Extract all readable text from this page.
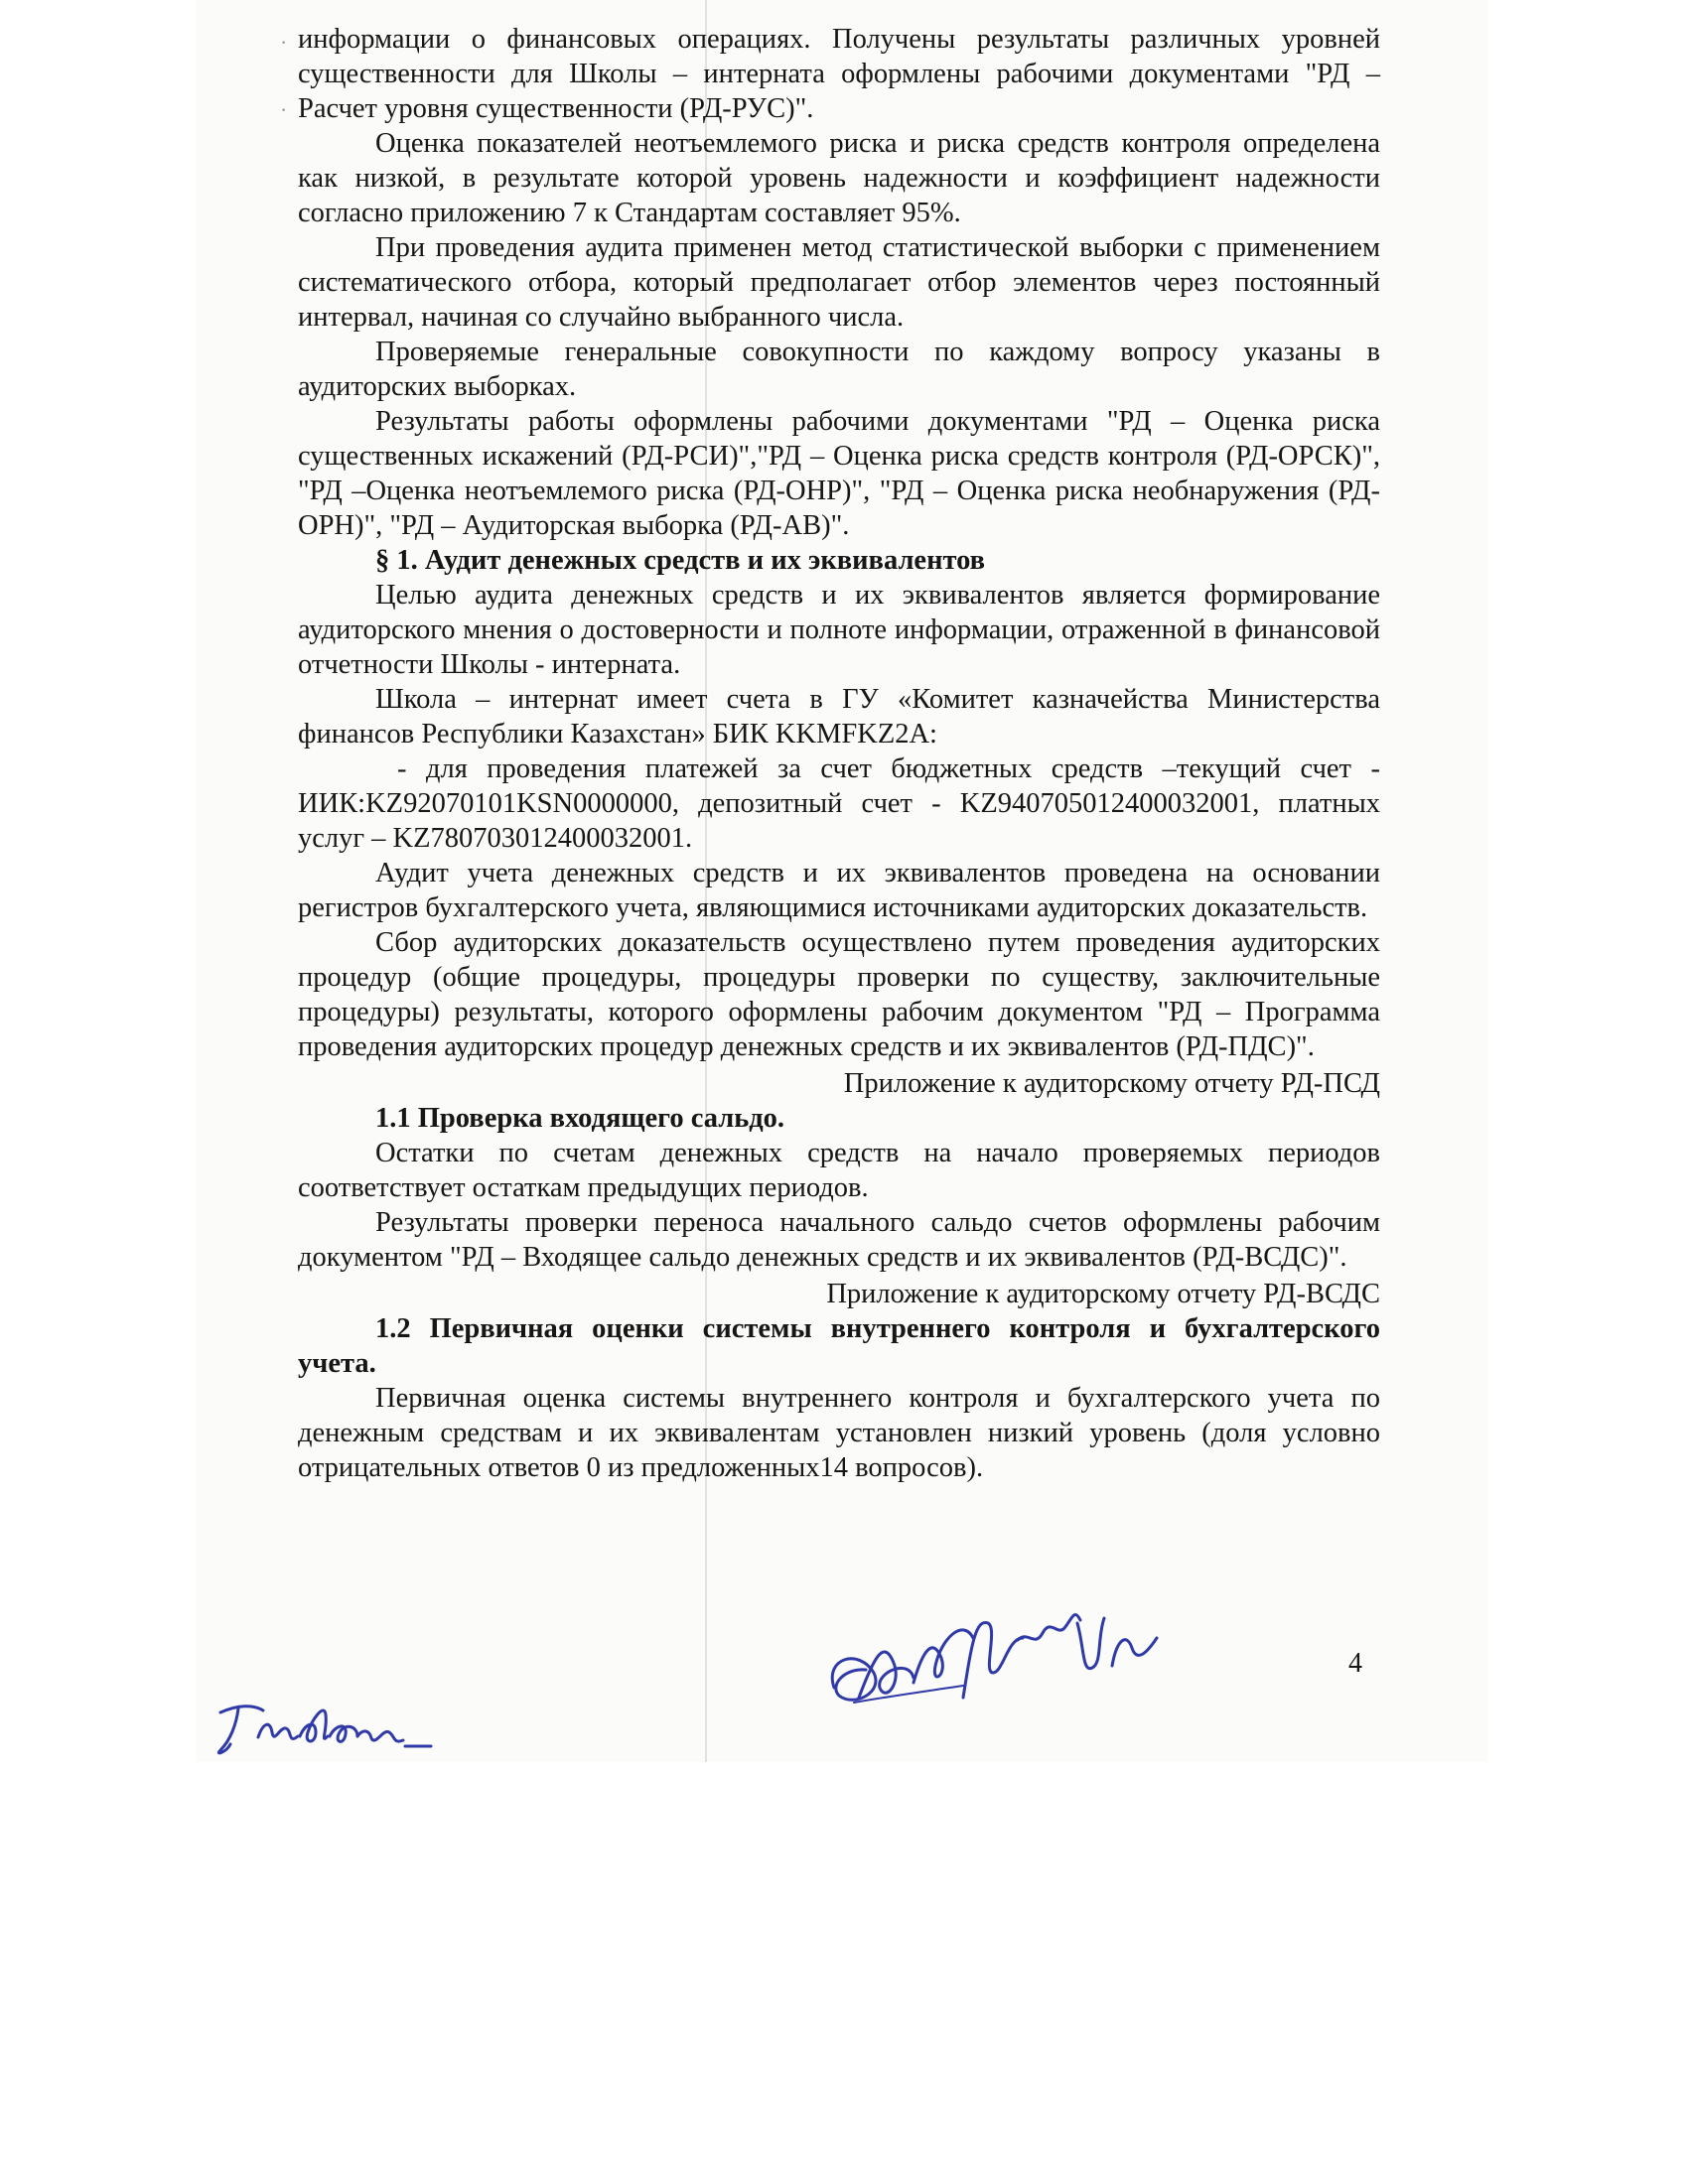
·
·

информации о финансовых операциях. Получены результаты различных уровней существенности для Школы – интерната оформлены рабочими документами "РД – Расчет уровня существенности (РД-РУС)".

Оценка показателей неотъемлемого риска и риска средств контроля определена как низкой, в результате которой уровень надежности и коэффициент надежности согласно приложению 7 к Стандартам составляет 95%.

При проведения аудита применен метод статистической выборки с применением систематического отбора, который предполагает отбор элементов через постоянный интервал, начиная со случайно выбранного числа.

Проверяемые генеральные совокупности по каждому вопросу указаны в аудиторских выборках.

Результаты работы оформлены рабочими документами "РД – Оценка риска существенных искажений (РД-РСИ)","РД – Оценка риска средств контроля (РД-ОРСК)", "РД –Оценка неотъемлемого риска (РД-ОНР)", "РД – Оценка риска необнаружения (РД-ОРН)", "РД – Аудиторская выборка (РД-АВ)".

§ 1. Аудит денежных средств и их эквивалентов

Целью аудита денежных средств и их эквивалентов является формирование аудиторского мнения о достоверности и полноте информации, отраженной в финансовой отчетности Школы - интерната.

Школа – интернат имеет счета в ГУ «Комитет казначейства Министерства финансов Республики Казахстан» БИК KKMFKZ2A:

- для проведения платежей за счет бюджетных средств –текущий счет - ИИК:KZ92070101KSN0000000, депозитный счет - KZ940705012400032001, платных услуг – KZ780703012400032001.

Аудит учета денежных средств и их эквивалентов проведена на основании регистров бухгалтерского учета, являющимися источниками аудиторских доказательств.

Сбор аудиторских доказательств осуществлено путем проведения аудиторских процедур (общие процедуры, процедуры проверки по существу, заключительные процедуры) результаты, которого оформлены рабочим документом "РД – Программа проведения аудиторских процедур денежных средств и их эквивалентов (РД-ПДС)".

Приложение к аудиторскому отчету РД-ПСД

1.1 Проверка входящего сальдо.

Остатки по счетам денежных средств на начало проверяемых периодов соответствует остаткам предыдущих периодов.

Результаты проверки переноса начального сальдо счетов оформлены рабочим документом "РД – Входящее сальдо денежных средств и их эквивалентов (РД-ВСДС)".

Приложение к аудиторскому отчету РД-ВСДС

1.2 Первичная оценки системы внутреннего контроля и бухгалтерского учета.

Первичная оценка системы внутреннего контроля и бухгалтерского учета по денежным средствам и их эквивалентам установлен низкий уровень (доля условно отрицательных ответов 0 из предложенных14 вопросов).

4
